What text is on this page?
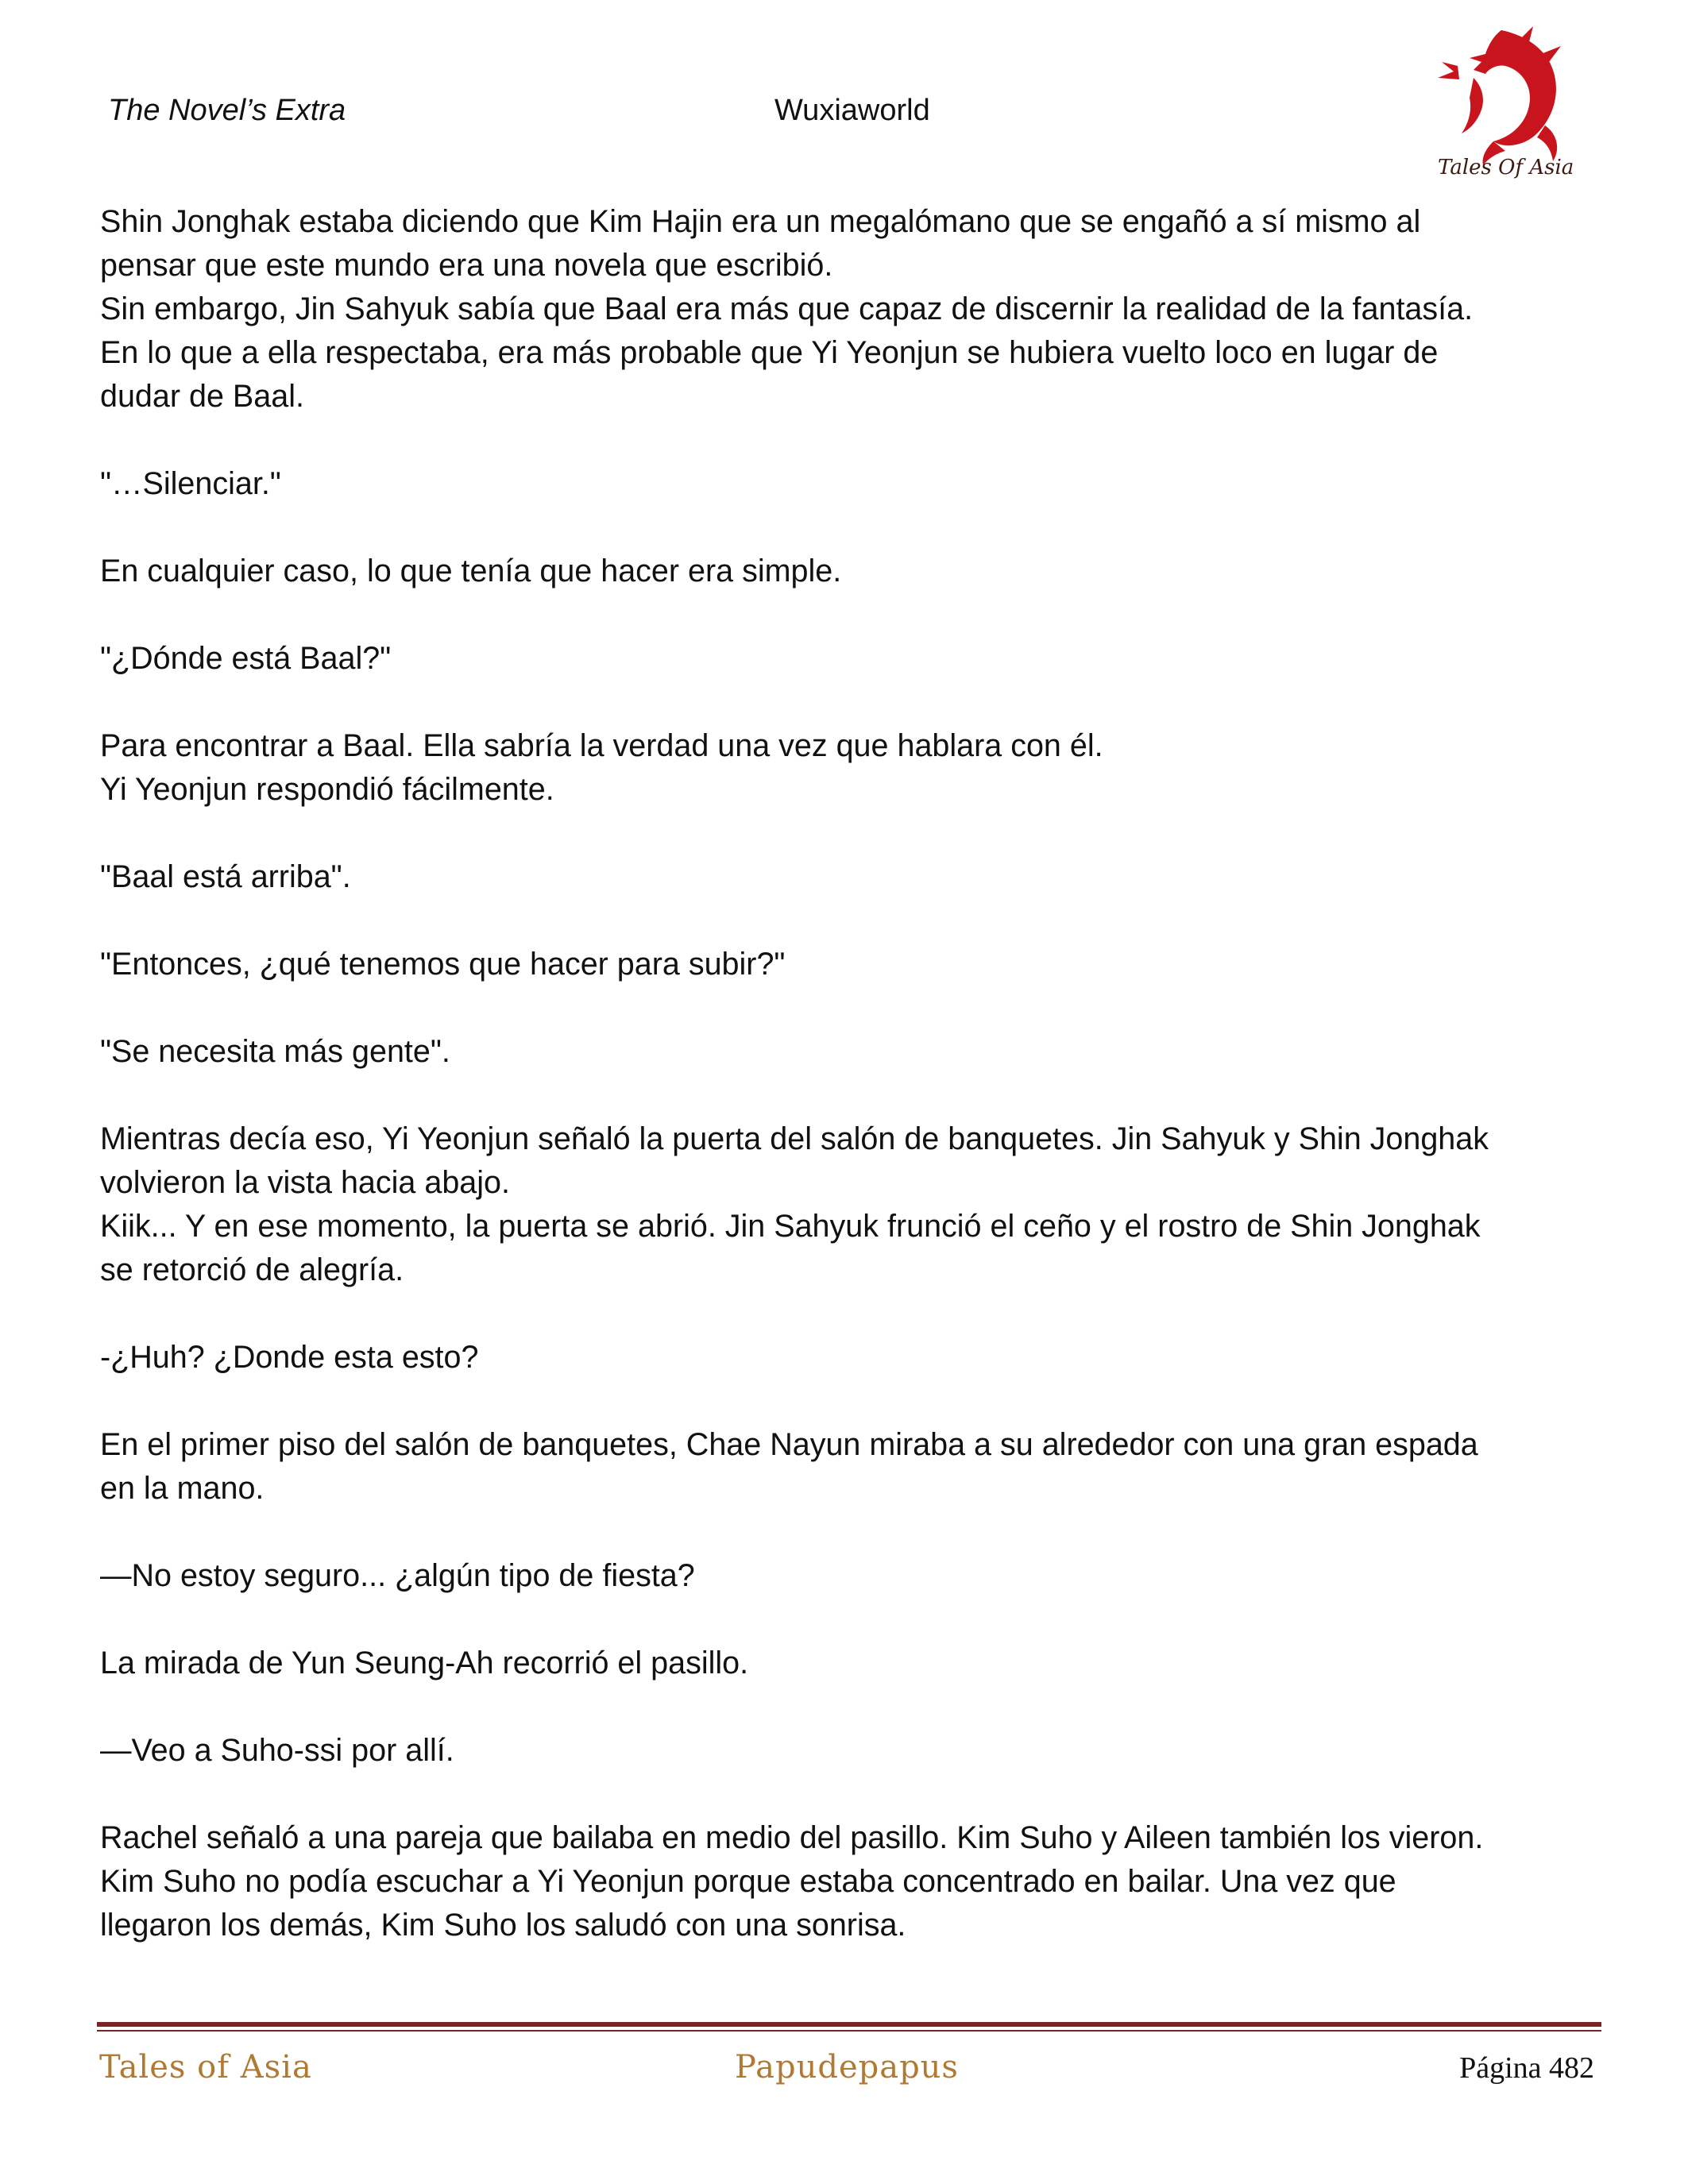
The Novel’s Extra	Wuxiaworld
Tales Of Asia

Shin Jonghak estaba diciendo que Kim Hajin era un megalómano que se engañó a sí mismo al

pensar que este mundo era una novela que escribió.

Sin embargo, Jin Sahyuk sabía que Baal era más que capaz de discernir la realidad de la fantasía.

En lo que a ella respectaba, era más probable que Yi Yeonjun se hubiera vuelto loco en lugar de

dudar de Baal.

"…Silenciar."

En cualquier caso, lo que tenía que hacer era simple.

"¿Dónde está Baal?"

Para encontrar a Baal. Ella sabría la verdad una vez que hablara con él.

Yi Yeonjun respondió fácilmente.

"Baal está arriba".

"Entonces, ¿qué tenemos que hacer para subir?"

"Se necesita más gente".

Mientras decía eso, Yi Yeonjun señaló la puerta del salón de banquetes. Jin Sahyuk y Shin Jonghak

volvieron la vista hacia abajo.

Kiik... Y en ese momento, la puerta se abrió. Jin Sahyuk frunció el ceño y el rostro de Shin Jonghak

se retorció de alegría.

-¿Huh? ¿Donde esta esto?

En el primer piso del salón de banquetes, Chae Nayun miraba a su alrededor con una gran espada

en la mano.

—No estoy seguro... ¿algún tipo de fiesta?

La mirada de Yun Seung-Ah recorrió el pasillo.

—Veo a Suho-ssi por allí.

Rachel señaló a una pareja que bailaba en medio del pasillo. Kim Suho y Aileen también los vieron.

Kim Suho no podía escuchar a Yi Yeonjun porque estaba concentrado en bailar. Una vez que

llegaron los demás, Kim Suho los saludó con una sonrisa.

Tales of Asia	Papudepapus	Página 482
